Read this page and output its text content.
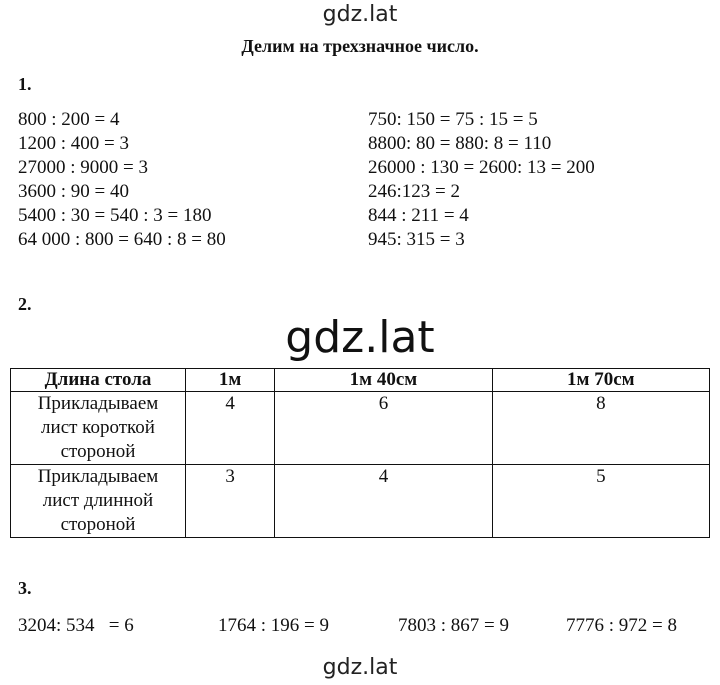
gdz.lat
Делим на трехзначное число.
1.
800 : 200 = 4
1200 : 400 = 3
27000 : 9000 = 3
3600 : 90 = 40
5400 : 30 = 540 : 3 = 180
64 000 : 800 = 640 : 8 = 80
750: 150 = 75 : 15 = 5
8800: 80 = 880: 8 = 110
26000 : 130 = 2600: 13 = 200
246:123 = 2
844 : 211 = 4
945: 315 = 3
2.
gdz.lat
Длина стола	1м	1м 40см	1м 70см

Прикладываем
лист короткой
стороной	4	6	8

Прикладываем
лист длинной
стороной	3	4	5
3.
3204: 534   = 6	1764 : 196 = 9	7803 : 867 = 9	7776 : 972 = 8
gdz.lat
